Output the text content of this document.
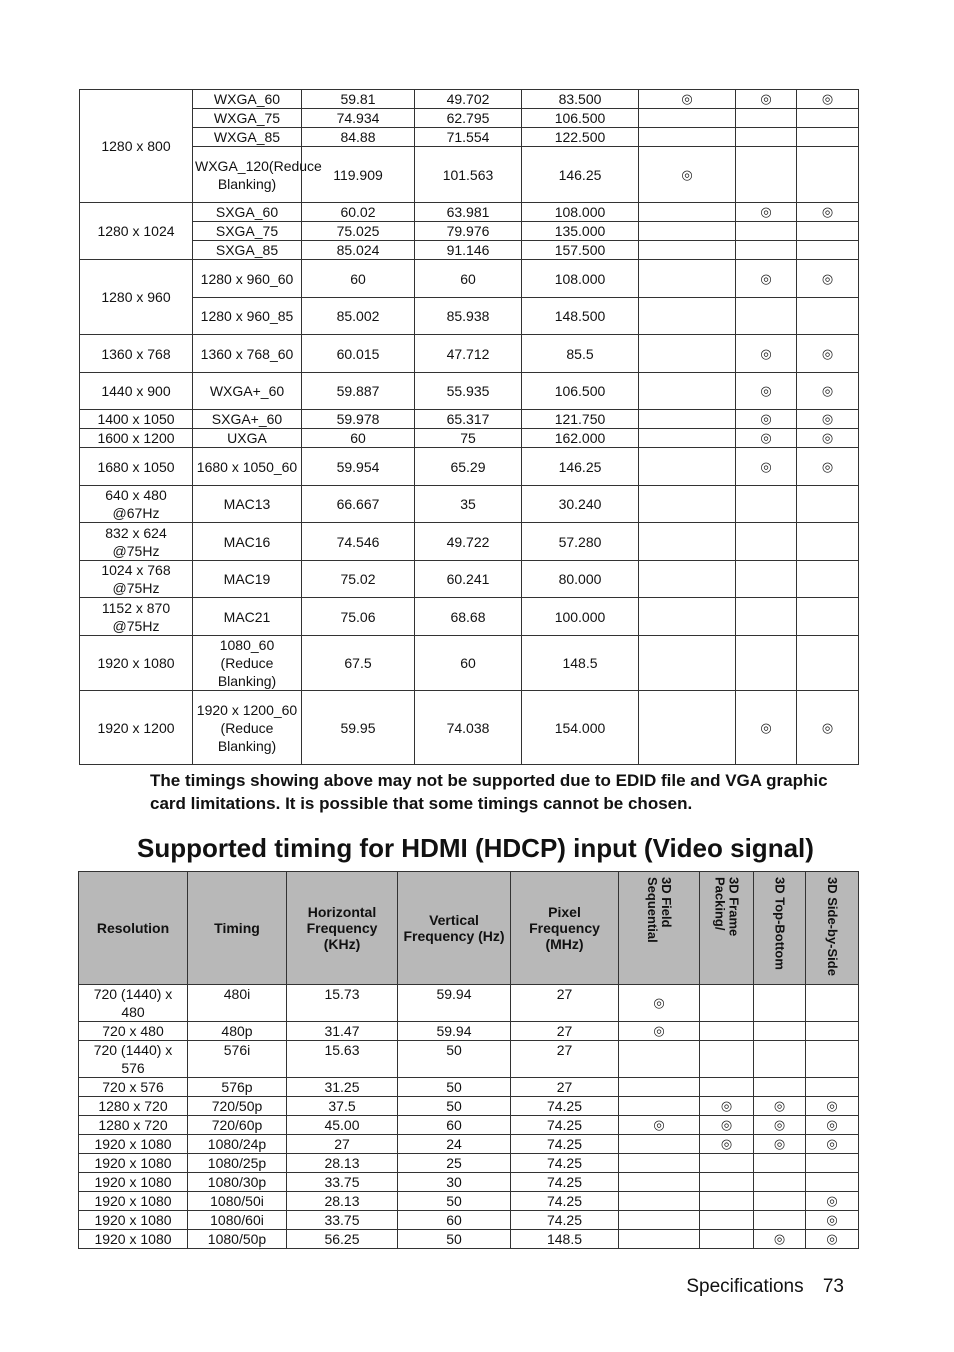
1280 x 800	WXGA_60	59.81	49.702	83.500	◎	◎	◎
	WXGA_75	74.934	62.795	106.500			
	WXGA_85	84.88	71.554	122.500			
	WXGA_120(Reduce Blanking)	119.909	101.563	146.25	◎		
1280 x 1024	SXGA_60	60.02	63.981	108.000		◎	◎
	SXGA_75	75.025	79.976	135.000			
	SXGA_85	85.024	91.146	157.500			
1280 x 960	1280 x 960_60	60	60	108.000		◎	◎
	1280 x 960_85	85.002	85.938	148.500			
1360 x 768	1360 x 768_60	60.015	47.712	85.5		◎	◎
1440 x 900	WXGA+_60	59.887	55.935	106.500		◎	◎
1400 x 1050	SXGA+_60	59.978	65.317	121.750		◎	◎
1600 x 1200	UXGA	60	75	162.000		◎	◎
1680 x 1050	1680 x 1050_60	59.954	65.29	146.25		◎	◎
640 x 480 @67Hz	MAC13	66.667	35	30.240			
832 x 624 @75Hz	MAC16	74.546	49.722	57.280			
1024 x 768 @75Hz	MAC19	75.02	60.241	80.000			
1152 x 870 @75Hz	MAC21	75.06	68.68	100.000			
1920 x 1080	1080_60 (Reduce Blanking)	67.5	60	148.5			
1920 x 1200	1920 x 1200_60 (Reduce Blanking)	59.95	74.038	154.000		◎	◎

The timings showing above may not be supported due to EDID file and VGA graphic card limitations. It is possible that some timings cannot be chosen.

Supported timing for HDMI (HDCP) input (Video signal)
Resolution	Timing	Horizontal Frequency (KHz)	Vertical Frequency (Hz)	Pixel Frequency (MHz)	3D Field Sequential	3D Frame Packing/	3D Top-Bottom	3D Side-by-Side
720 (1440) x 480	480i	15.73	59.94	27	◎			
720 x 480	480p	31.47	59.94	27	◎			
720 (1440) x 576	576i	15.63	50	27				
720 x 576	576p	31.25	50	27				
1280 x 720	720/50p	37.5	50	74.25		◎	◎	◎
1280 x 720	720/60p	45.00	60	74.25	◎	◎	◎	◎
1920 x 1080	1080/24p	27	24	74.25		◎	◎	◎
1920 x 1080	1080/25p	28.13	25	74.25				
1920 x 1080	1080/30p	33.75	30	74.25				
1920 x 1080	1080/50i	28.13	50	74.25				◎
1920 x 1080	1080/60i	33.75	60	74.25				◎
1920 x 1080	1080/50p	56.25	50	148.5			◎	◎
Specifications 73
